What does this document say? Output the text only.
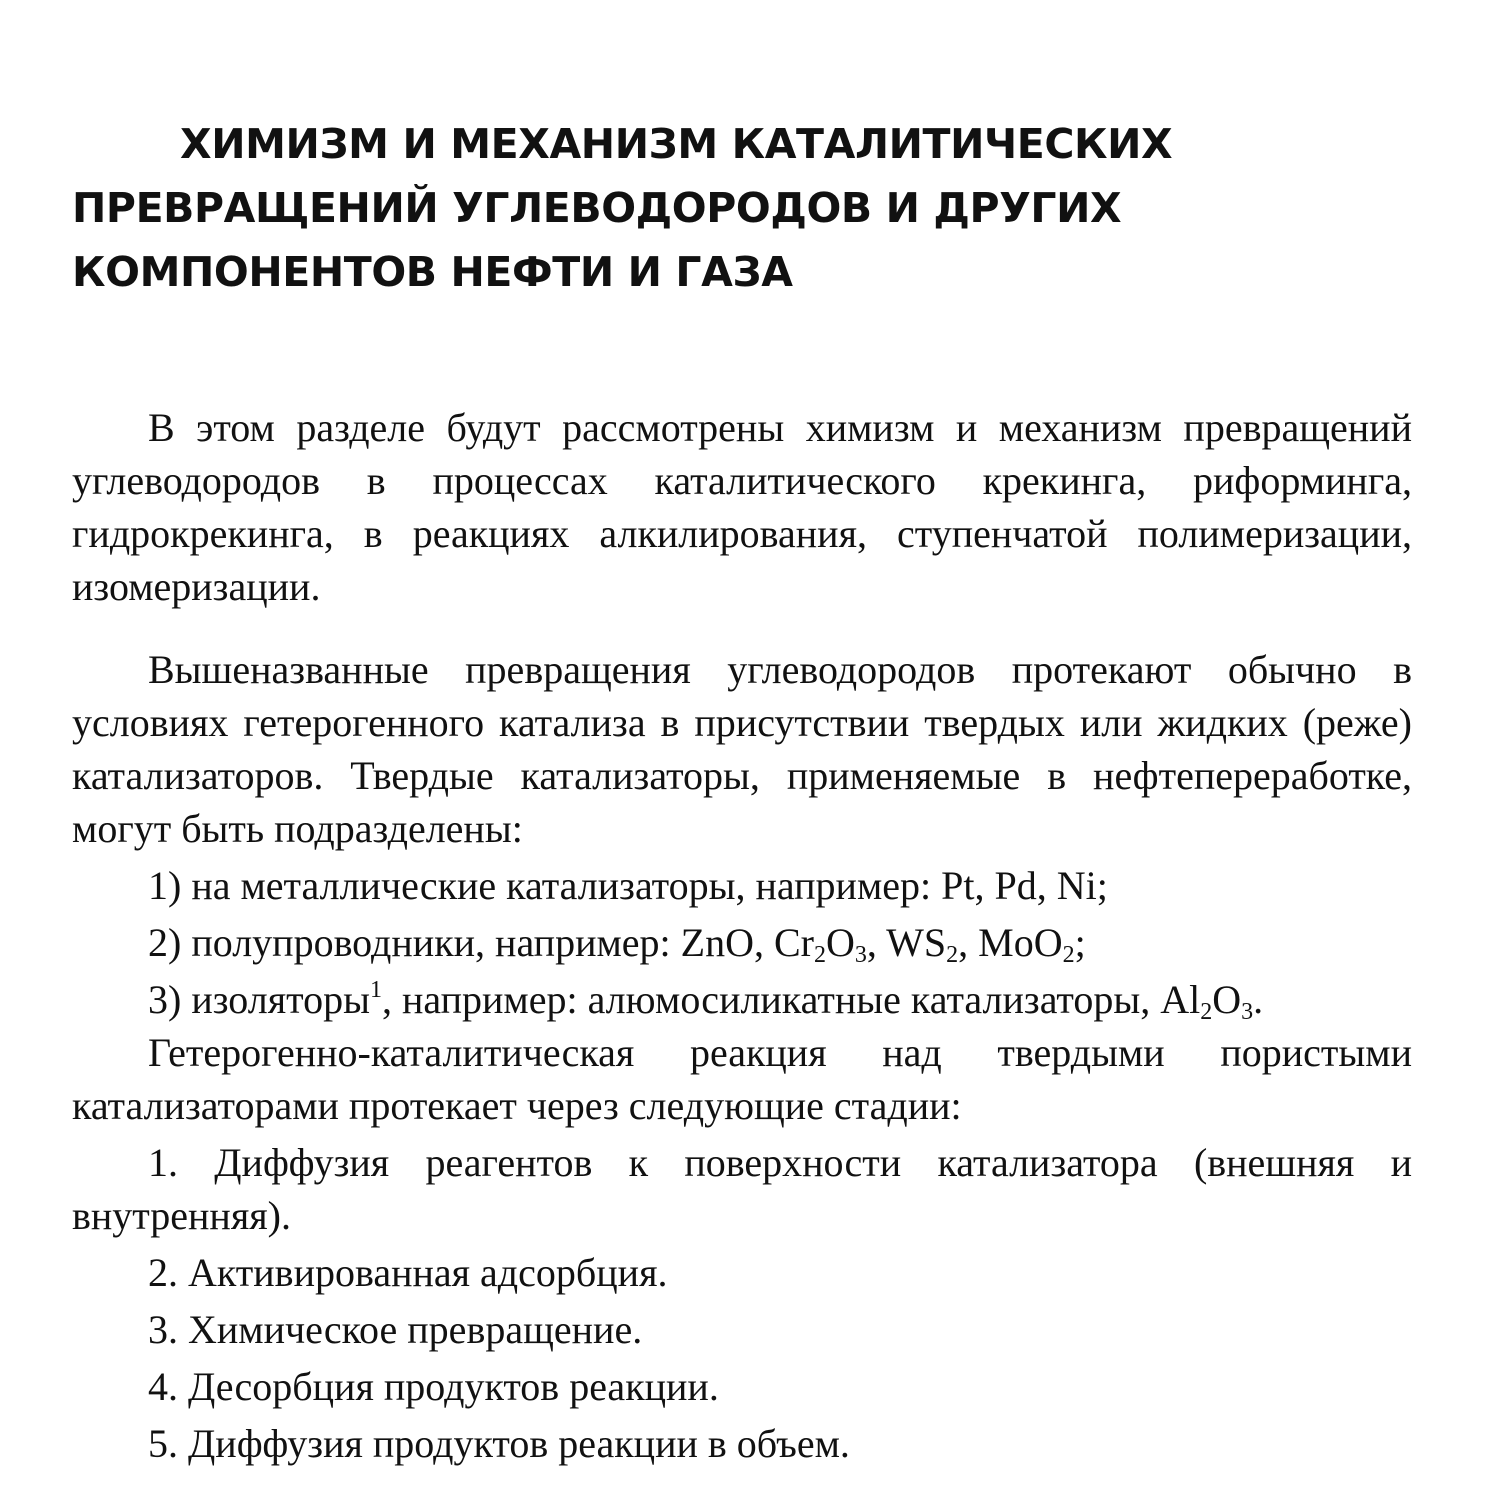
ХИМИЗМ И МЕХАНИЗМ КАТАЛИТИЧЕСКИХ
ПРЕВРАЩЕНИЙ УГЛЕВОДОРОДОВ И ДРУГИХ
КОМПОНЕНТОВ НЕФТИ И ГАЗА

В этом разделе будут рассмотрены химизм и механизм превращений углеводородов в процессах каталитического крекинга, риформинга, гидрокрекинга, в реакциях алкилирования, ступенчатой полимеризации, изомеризации.

Вышеназванные превращения углеводородов протекают обычно в условиях гетерогенного катализа в присутствии твердых или жидких (реже) катализаторов. Твердые катализаторы, применяемые в нефтепереработке, могут быть подразделены:

1) на металлические катализаторы, например: Pt, Pd, Ni;

2) полупроводники, например: ZnO, $Cr_2O_3$, $WS_2$, MoO$_2$;

3) изоляторы$^1$, например: алюмосиликатные катализаторы, $Al_2O_3$.

Гетерогенно-каталитическая реакция над твердыми пористыми катализаторами протекает через следующие стадии:

1. Диффузия реагентов к поверхности катализатора (внешняя и внутренняя).

2. Активированная адсорбция.

3. Химическое превращение.

4. Десорбция продуктов реакции.

5. Диффузия продуктов реакции в объем.
